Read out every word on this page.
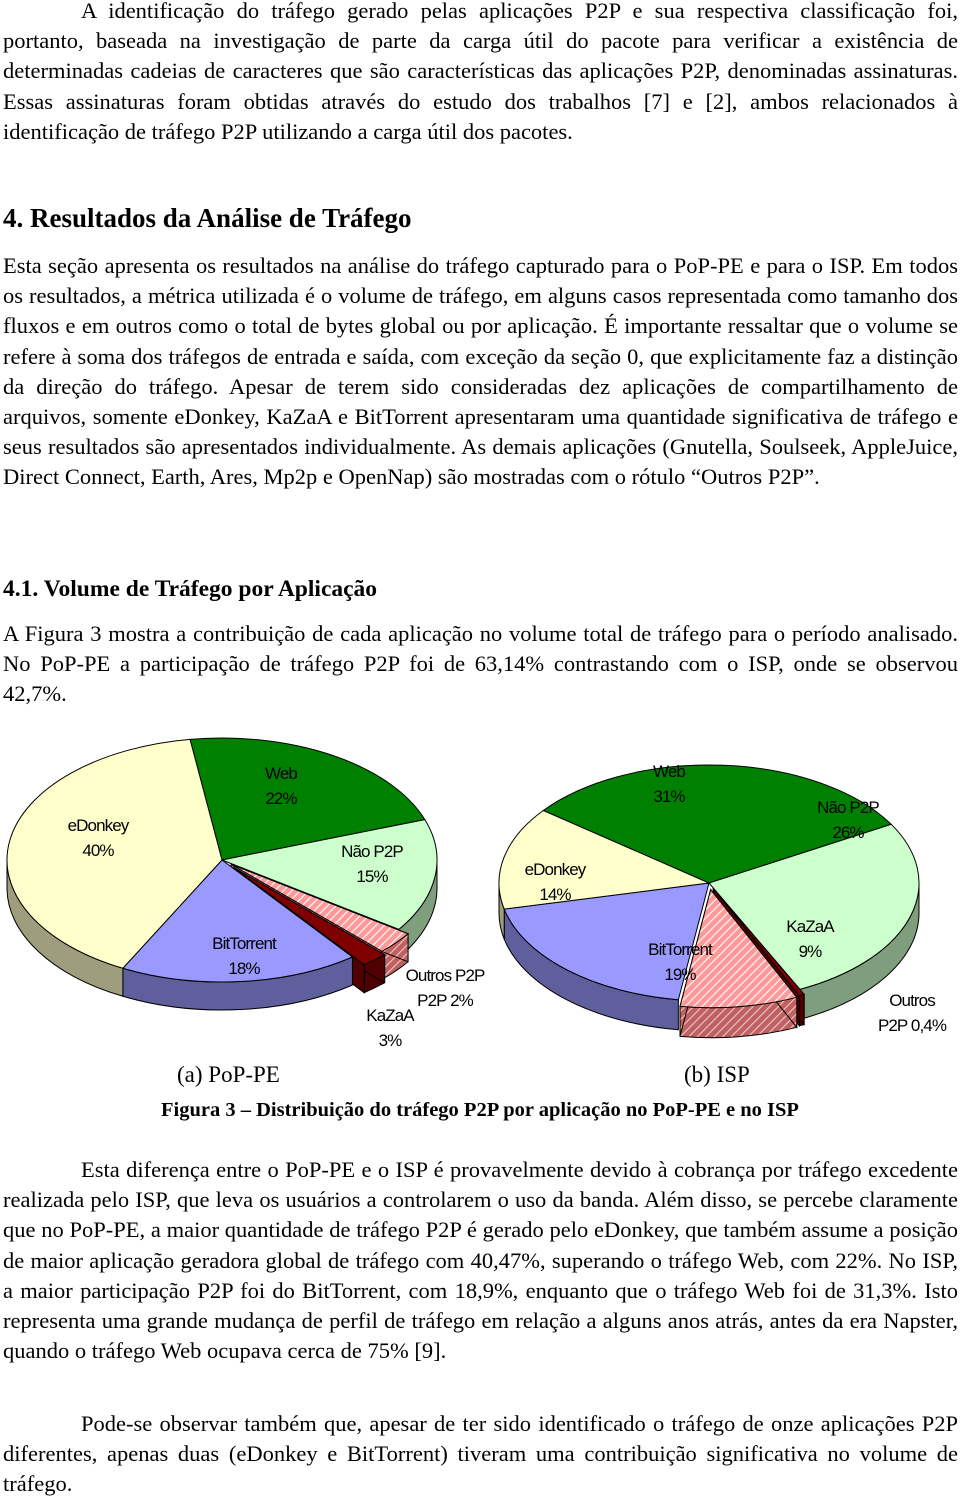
A identificação do tráfego gerado pelas aplicações P2P e sua respectiva classificação foi, portanto, baseada na investigação de parte da carga útil do pacote para verificar a existência de determinadas cadeias de caracteres que são características das aplicações P2P, denominadas assinaturas. Essas assinaturas foram obtidas através do estudo dos trabalhos [7] e [2], ambos relacionados à identificação de tráfego P2P utilizando a carga útil dos pacotes.

4. Resultados da Análise de Tráfego

Esta seção apresenta os resultados na análise do tráfego capturado para o PoP-PE e para o ISP. Em todos os resultados, a métrica utilizada é o volume de tráfego, em alguns casos representada como tamanho dos fluxos e em outros como o total de bytes global ou por aplicação. É importante ressaltar que o volume se refere à soma dos tráfegos de entrada e saída, com exceção da seção 0, que explicitamente faz a distinção da direção do tráfego. Apesar de terem sido consideradas dez aplicações de compartilhamento de arquivos, somente eDonkey, KaZaA e BitTorrent apresentaram uma quantidade significativa de tráfego e seus resultados são apresentados individualmente. As demais aplicações (Gnutella, Soulseek, AppleJuice, Direct Connect, Earth, Ares, Mp2p e OpenNap) são mostradas com o rótulo “Outros P2P”.

4.1. Volume de Tráfego por Aplicação

A Figura 3 mostra a contribuição de cada aplicação no volume total de tráfego para o período analisado. No PoP-PE a participação de tráfego P2P foi de 63,14% contrastando com o ISP, onde se observou 42,7%.

Web
22%
Não P2P
15%
KaZaA
3%
Outros P2P
P2P 2%
BitTorrent
18%
eDonkey
40%
Web
31%
Não P2P
26%
Outros
P2P 0,4%
KaZaA
9%
BitTorrent
19%
eDonkey
14%
(a) PoP-PE	(b) ISP
Figura 3 – Distribuição do tráfego P2P por aplicação no PoP-PE e no ISP

Esta diferença entre o PoP-PE e o ISP é provavelmente devido à cobrança por tráfego excedente realizada pelo ISP, que leva os usuários a controlarem o uso da banda. Além disso, se percebe claramente que no PoP-PE, a maior quantidade de tráfego P2P é gerado pelo eDonkey, que também assume a posição de maior aplicação geradora global de tráfego com 40,47%, superando o tráfego Web, com 22%. No ISP, a maior participação P2P foi do BitTorrent, com 18,9%, enquanto que o tráfego Web foi de 31,3%. Isto representa uma grande mudança de perfil de tráfego em relação a alguns anos atrás, antes da era Napster, quando o tráfego Web ocupava cerca de 75% [9].

Pode-se observar também que, apesar de ter sido identificado o tráfego de onze aplicações P2P diferentes, apenas duas (eDonkey e BitTorrent) tiveram uma contribuição significativa no volume de tráfego.
